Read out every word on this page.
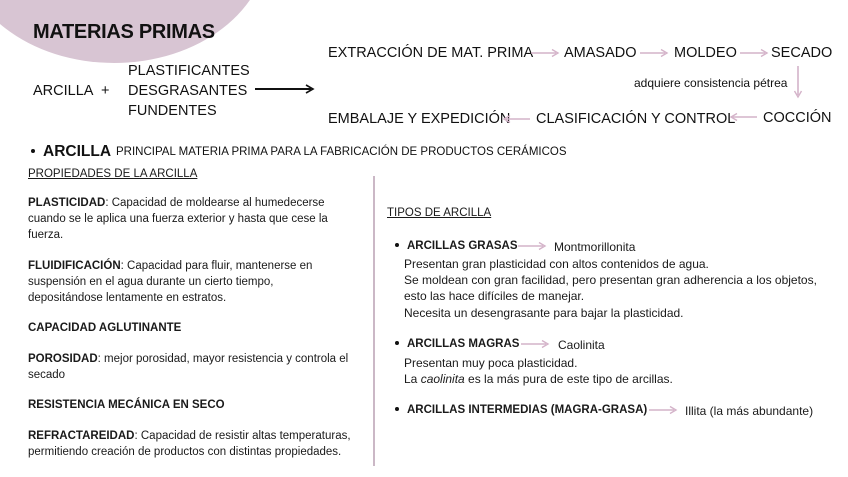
MATERIAS PRIMAS
ARCILLA +
PLASTIFICANTES
DESGRASANTES
FUNDENTES
EXTRACCIÓN DE MAT. PRIMA AMASADO	MOLDEO SECADO
adquiere consistencia pétrea
EMBALAJE Y EXPEDICIÓN CLASIFICACIÓN Y CONTROL COCCIÓN
ARCILLA PRINCIPAL MATERIA PRIMA PARA LA FABRICACIÓN DE PRODUCTOS CERÁMICOS
PROPIEDADES DE LA ARCILLA
PLASTICIDAD: Capacidad de moldearse al humedecerse cuando se le aplica una fuerza exterior y hasta que cese la fuerza.
FLUIDIFICACIÓN: Capacidad para fluir, mantenerse en suspensión en el agua durante un cierto tiempo, depositándose lentamente en estratos.
CAPACIDAD AGLUTINANTE
POROSIDAD: mejor porosidad, mayor resistencia y controla el secado
RESISTENCIA MECÁNICA EN SECO
REFRACTAREIDAD: Capacidad de resistir altas temperaturas, permitiendo creación de productos con distintas propiedades.
TIPOS DE ARCILLA
ARCILLAS GRASAS	Montmorillonita
Presentan gran plasticidad con altos contenidos de agua.
Se moldean con gran facilidad, pero presentan gran adherencia a los objetos,
esto las hace difíciles de manejar.
Necesita un desengrasante para bajar la plasticidad.
ARCILLAS MAGRAS	Caolinita
Presentan muy poca plasticidad.
La caolinita es la más pura de este tipo de arcillas.
ARCILLAS INTERMEDIAS (MAGRA-GRASA)	Illita (la más abundante)
